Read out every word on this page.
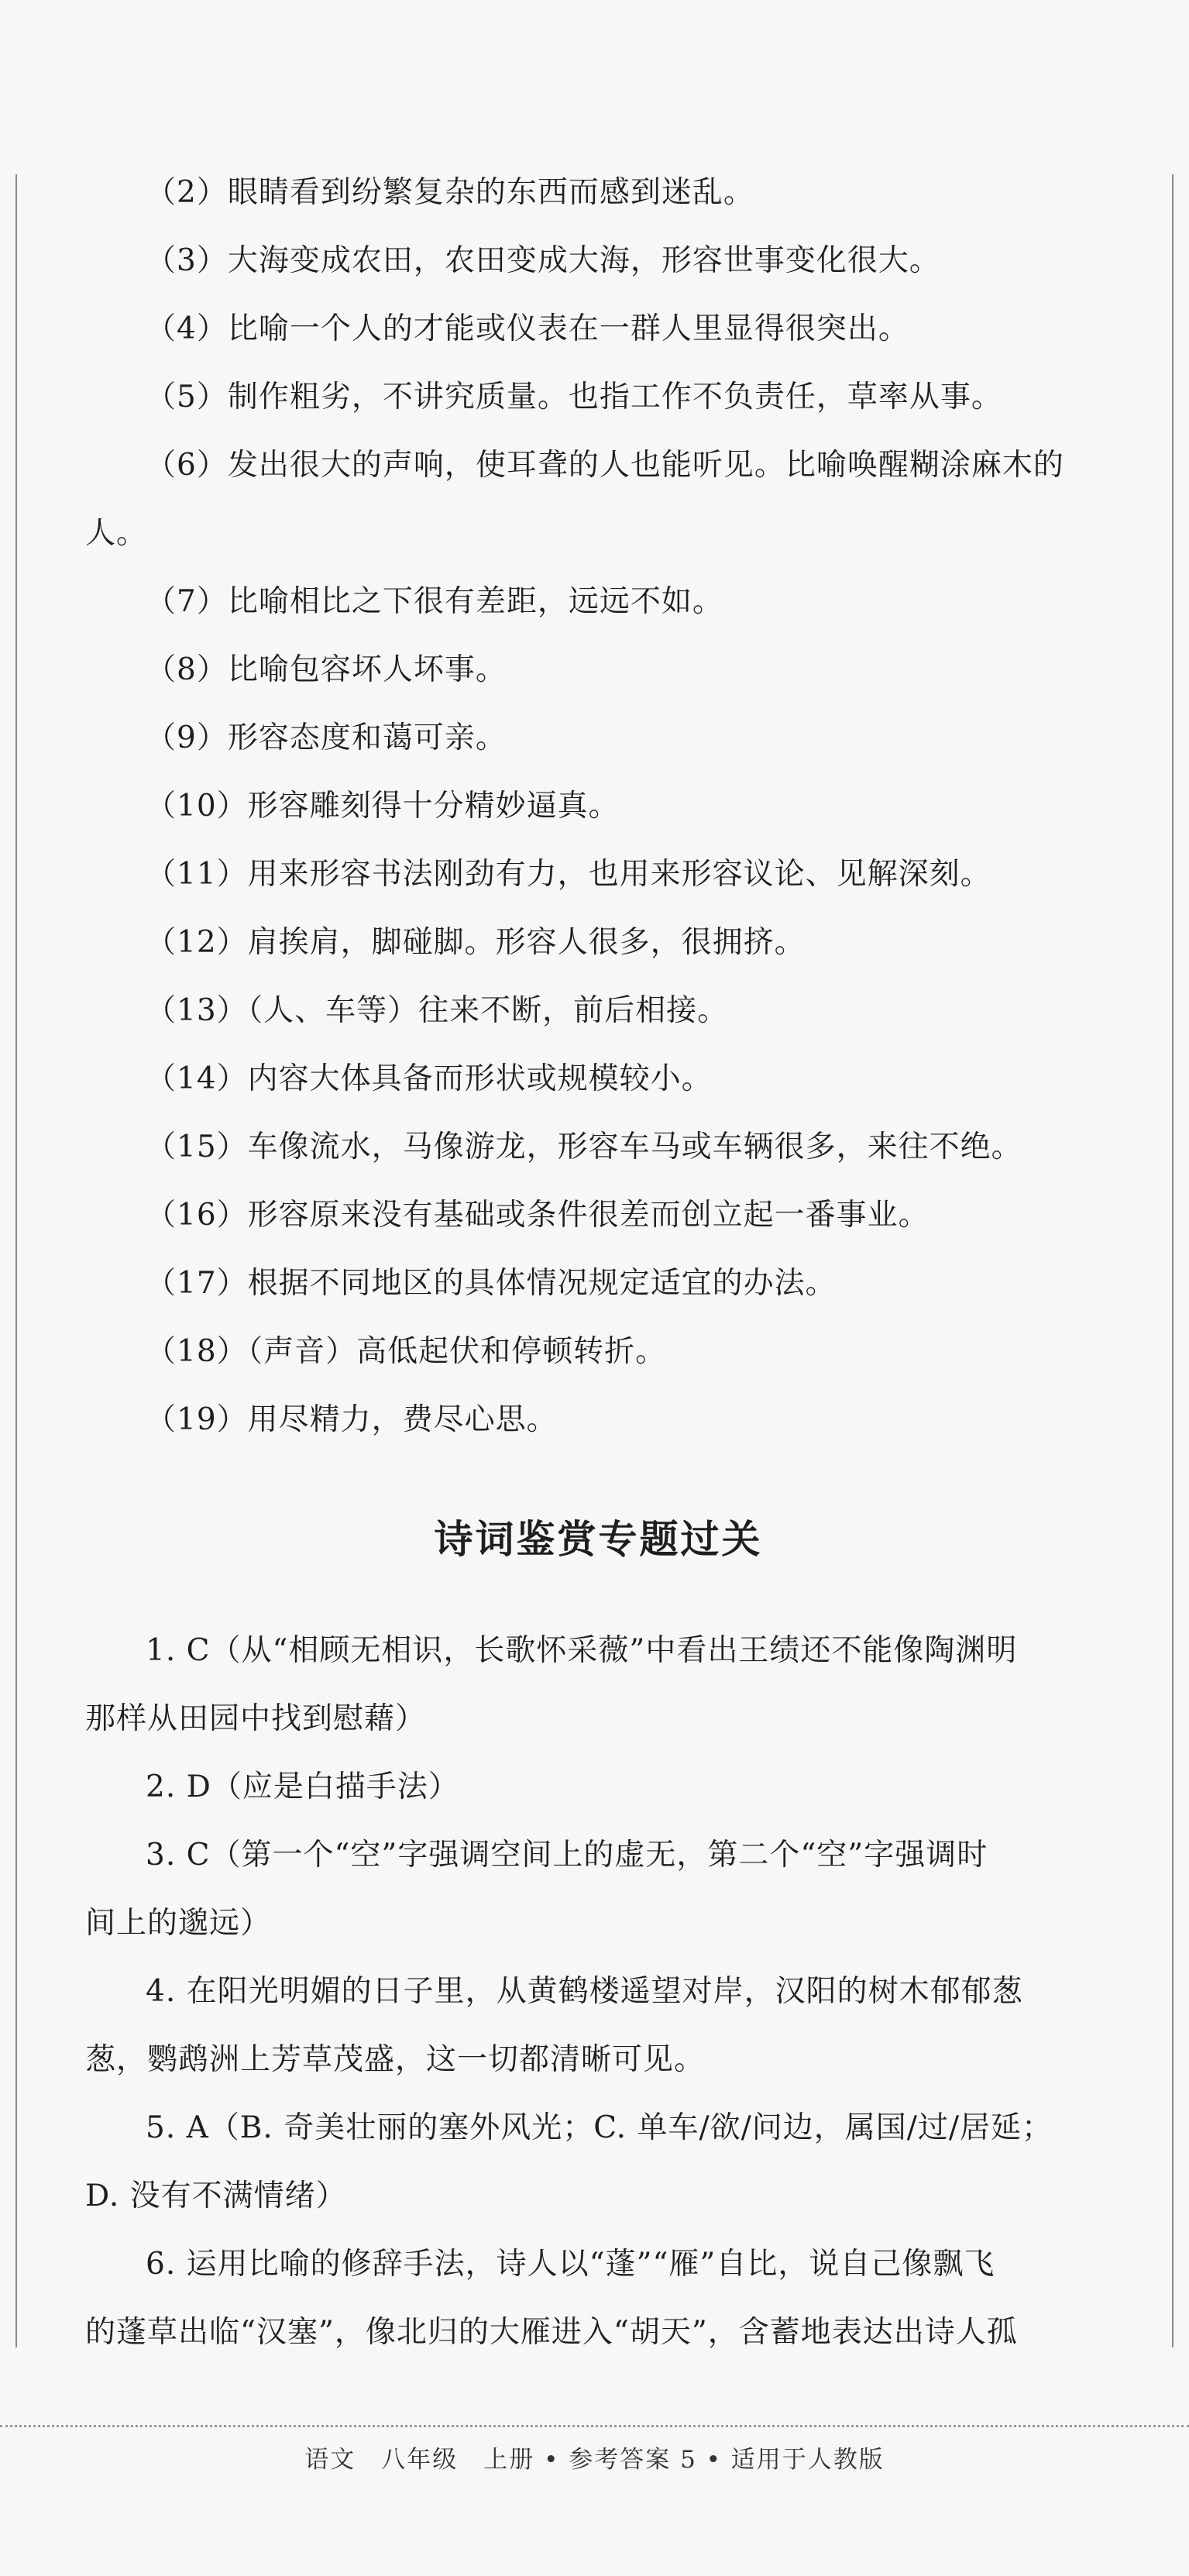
（2）眼睛看到纷繁复杂的东西而感到迷乱。
（3）大海变成农田，农田变成大海，形容世事变化很大。
（4）比喻一个人的才能或仪表在一群人里显得很突出。
（5）制作粗劣，不讲究质量。也指工作不负责任，草率从事。
（6）发出很大的声响，使耳聋的人也能听见。比喻唤醒糊涂麻木的
人。
（7）比喻相比之下很有差距，远远不如。
（8）比喻包容坏人坏事。
（9）形容态度和蔼可亲。
（10）形容雕刻得十分精妙逼真。
（11）用来形容书法刚劲有力，也用来形容议论、见解深刻。
（12）肩挨肩，脚碰脚。形容人很多，很拥挤。
（13）（人、车等）往来不断，前后相接。
（14）内容大体具备而形状或规模较小。
（15）车像流水，马像游龙，形容车马或车辆很多，来往不绝。
（16）形容原来没有基础或条件很差而创立起一番事业。
（17）根据不同地区的具体情况规定适宜的办法。
（18）（声音）高低起伏和停顿转折。
（19）用尽精力，费尽心思。
诗词鉴赏专题过关
1. C（从“相顾无相识，长歌怀采薇”中看出王绩还不能像陶渊明
那样从田园中找到慰藉）
2. D（应是白描手法）
3. C（第一个“空”字强调空间上的虚无，第二个“空”字强调时
间上的邈远）
4. 在阳光明媚的日子里，从黄鹤楼遥望对岸，汉阳的树木郁郁葱
葱，鹦鹉洲上芳草茂盛，这一切都清晰可见。
5. A（B. 奇美壮丽的塞外风光；C. 单车/欲/问边，属国/过/居延；
D. 没有不满情绪）
6. 运用比喻的修辞手法，诗人以“蓬”“雁”自比，说自己像飘飞
的蓬草出临“汉塞”，像北归的大雁进入“胡天”，含蓄地表达出诗人孤
语文　八年级　上册 • 参考答案 5 • 适用于人教版
